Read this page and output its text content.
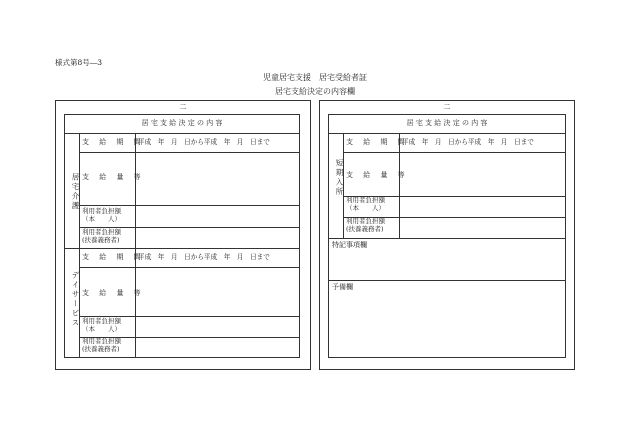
様式第8号―3
児童居宅支援　居宅受給者証
居宅支給決定の内容欄
二
居 宅 支 給 決 定 の 内 容
居宅介護
支 給 期 間
平成　年　月　日から平成　年　月　日まで
支 給 量 等
利用者負担額
（本　　人）
利用者負担額
(扶養義務者)
デイサービス
支 給 期 間
平成　年　月　日から平成　年　月　日まで
支 給 量 等
利用者負担額
（本　　人）
利用者負担額
(扶養義務者)
二
居 宅 支 給 決 定 の 内 容
短期入所
支 給 期 間
平成　年　月　日から平成　年　月　日まで
支 給 量 等
利用者負担額
（本　　人）
利用者負担額
(扶養義務者)
特記事項欄
予備欄
